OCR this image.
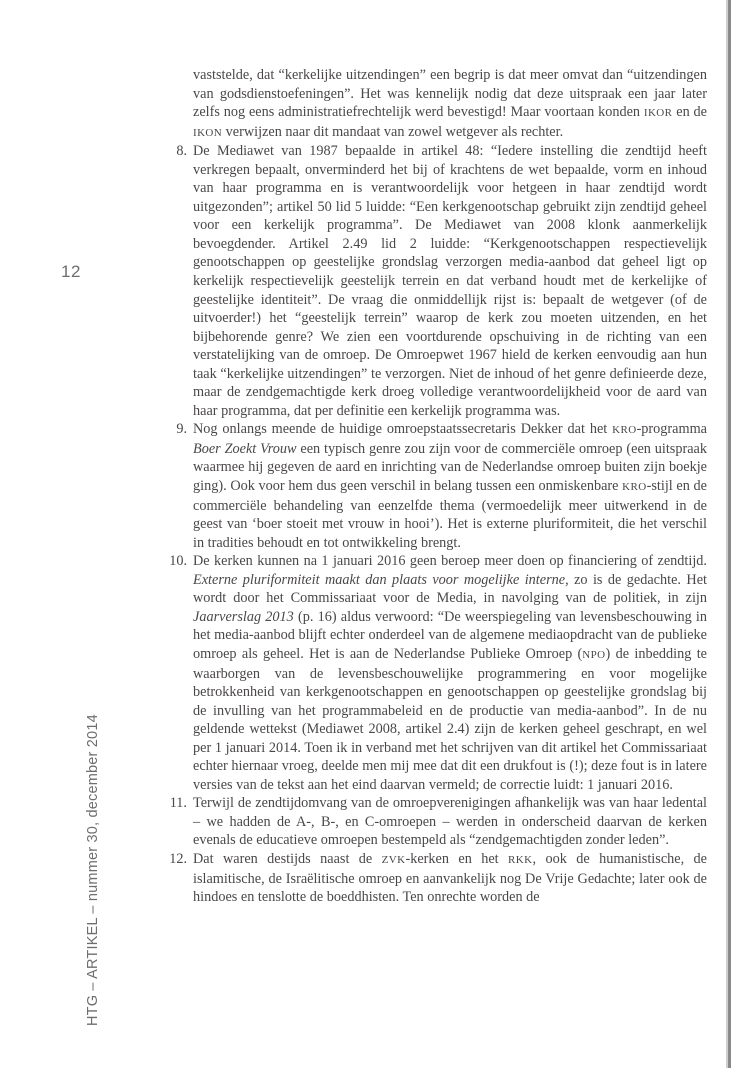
12
HTG – ARTIKEL – nummer 30, december 2014

vaststelde, dat “kerkelijke uitzendingen” een begrip is dat meer omvat dan “uitzendingen van godsdienstoefeningen”. Het was kennelijk nodig dat deze uitspraak een jaar later zelfs nog eens administratiefrechtelijk werd bevestigd! Maar voortaan konden IKOR en de IKON verwijzen naar dit mandaat van zowel wetgever als rechter.

8. De Mediawet van 1987 bepaalde in artikel 48: “Iedere instelling die zendtijd heeft verkregen bepaalt, onverminderd het bij of krachtens de wet bepaalde, vorm en inhoud van haar programma en is verantwoordelijk voor hetgeen in haar zendtijd wordt uitgezonden”; artikel 50 lid 5 luidde: “Een kerkgenootschap gebruikt zijn zendtijd geheel voor een kerkelijk programma”. De Mediawet van 2008 klonk aanmerkelijk bevoegdender. Artikel 2.49 lid 2 luidde: “Kerkgenootschappen respectievelijk genootschappen op geestelijke grondslag verzorgen media-aanbod dat geheel ligt op kerkelijk respectievelijk geestelijk terrein en dat verband houdt met de kerkelijke of geestelijke identiteit”. De vraag die onmiddellijk rijst is: bepaalt de wetgever (of de uitvoerder!) het “geestelijk terrein” waarop de kerk zou moeten uitzenden, en het bijbehorende genre? We zien een voortdurende opschuiving in de richting van een verstatelijking van de omroep. De Omroepwet 1967 hield de kerken eenvoudig aan hun taak “kerkelijke uitzendingen” te verzorgen. Niet de inhoud of het genre definieerde deze, maar de zendgemachtigde kerk droeg volledige verantwoordelijkheid voor de aard van haar programma, dat per definitie een kerkelijk programma was.

9. Nog onlangs meende de huidige omroepstaatssecretaris Dekker dat het KRO-programma Boer Zoekt Vrouw een typisch genre zou zijn voor de commerciële omroep (een uitspraak waarmee hij gegeven de aard en inrichting van de Nederlandse omroep buiten zijn boekje ging). Ook voor hem dus geen verschil in belang tussen een onmiskenbare KRO-stijl en de commerciële behandeling van eenzelfde thema (vermoedelijk meer uitwerkend in de geest van ‘boer stoeit met vrouw in hooi’). Het is externe pluriformiteit, die het verschil in tradities behoudt en tot ontwikkeling brengt.

10. De kerken kunnen na 1 januari 2016 geen beroep meer doen op financiering of zendtijd. Externe pluriformiteit maakt dan plaats voor mogelijke interne, zo is de gedachte. Het wordt door het Commissariaat voor de Media, in navolging van de politiek, in zijn Jaarverslag 2013 (p. 16) aldus verwoord: “De weerspiegeling van levensbeschouwing in het media-aanbod blijft echter onderdeel van de algemene mediaopdracht van de publieke omroep als geheel. Het is aan de Nederlandse Publieke Omroep (NPO) de inbedding te waarborgen van de levensbeschouwelijke programmering en voor mogelijke betrokkenheid van kerkgenootschappen en genootschappen op geestelijke grondslag bij de invulling van het programmabeleid en de productie van media-aanbod”. In de nu geldende wettekst (Mediawet 2008, artikel 2.4) zijn de kerken geheel geschrapt, en wel per 1 januari 2014. Toen ik in verband met het schrijven van dit artikel het Commissariaat echter hiernaar vroeg, deelde men mij mee dat dit een drukfout is (!); deze fout is in latere versies van de tekst aan het eind daarvan vermeld; de correctie luidt: 1 januari 2016.

11. Terwijl de zendtijdomvang van de omroepverenigingen afhankelijk was van haar ledental – we hadden de A-, B-, en C-omroepen – werden in onderscheid daarvan de kerken evenals de educatieve omroepen bestempeld als “zendgemachtigden zonder leden”.

12. Dat waren destijds naast de ZVK-kerken en het RKK, ook de humanistische, de islamitische, de Israëlitische omroep en aanvankelijk nog De Vrije Gedachte; later ook de hindoes en tenslotte de boeddhisten. Ten onrechte worden de
